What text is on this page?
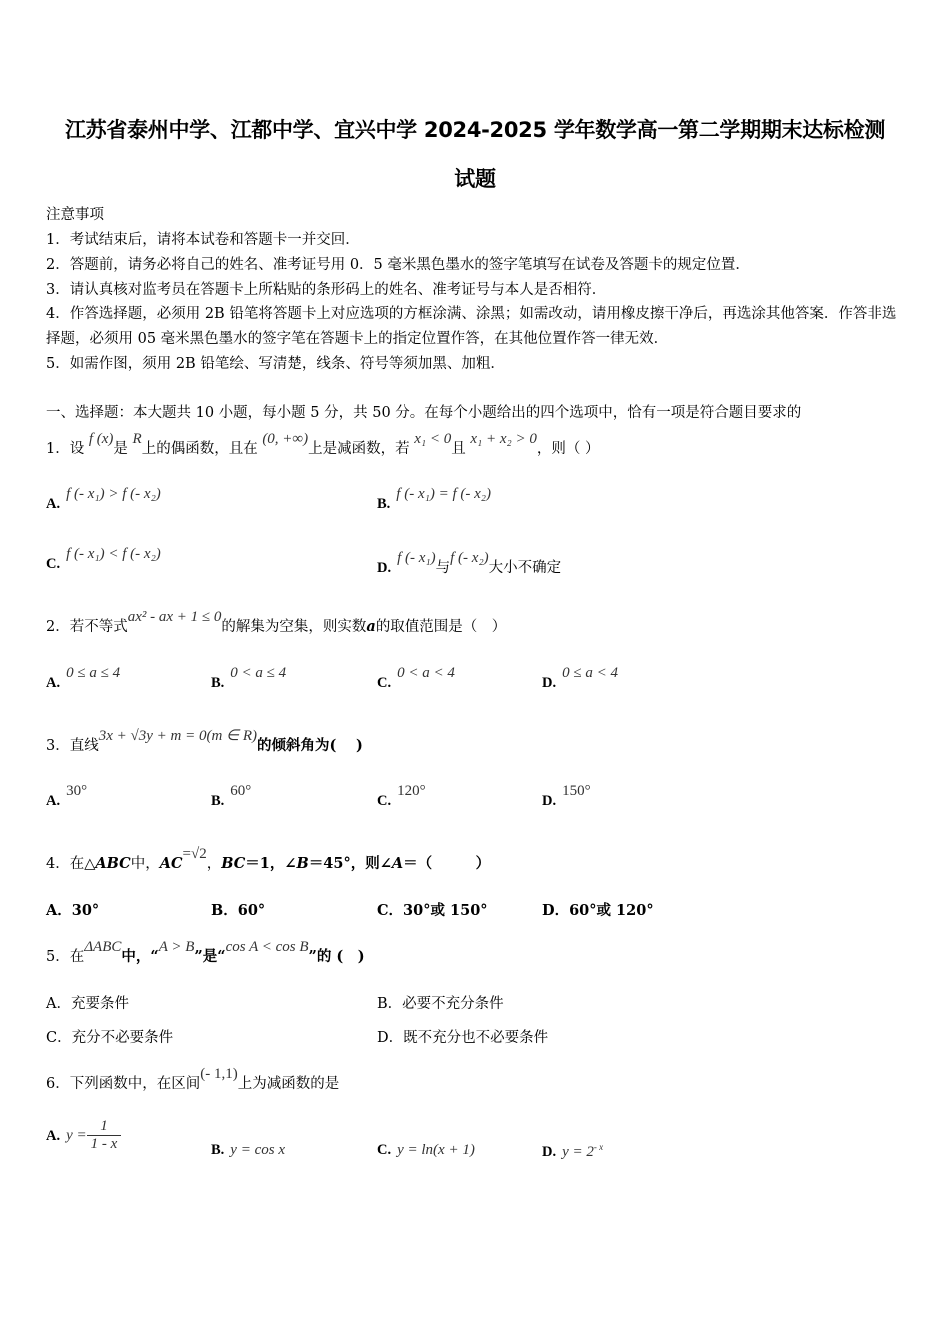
江苏省泰州中学、江都中学、宜兴中学 2024-2025 学年数学高一第二学期期末达标检测
试题
注意事项
1．考试结束后，请将本试卷和答题卡一并交回．
2．答题前，请务必将自己的姓名、准考证号用 0．5 毫米黑色墨水的签字笔填写在试卷及答题卡的规定位置．
3．请认真核对监考员在答题卡上所粘贴的条形码上的姓名、准考证号与本人是否相符．
4．作答选择题，必须用 2B 铅笔将答题卡上对应选项的方框涂满、涂黑；如需改动，请用橡皮擦干净后，再选涂其他答案．作答非选择题，必须用 05 毫米黑色墨水的签字笔在答题卡上的指定位置作答，在其他位置作答一律无效．
5．如需作图，须用 2B 铅笔绘、写清楚，线条、符号等须加黑、加粗．
一、选择题：本大题共 10 小题，每小题 5 分，共 50 分。在每个小题给出的四个选项中，恰有一项是符合题目要求的
1．设 f (x)是 R上的偶函数，且在 (0, +∞)上是减函数，若 x₁ < 0且 x₁ + x₂ > 0，则（ ）
A.f (- x₁) > f (- x₂)
B.f (- x₁) = f (- x₂)
C.f (- x₁) < f (- x₂)
D.f (- x₁)与f (- x₂)大小不确定
2．若不等式ax² - ax + 1 ≤ 0的解集为空集，则实数a的取值范围是（　）
A.0 ≤ a ≤ 4
B.0 < a ≤ 4
C.0 < a < 4
D.0 ≤ a < 4
3．直线3x + √3y + m = 0(m ∈ R)的倾斜角为(　 )
A.30°
B.60°
C.120°
D.150°
4．在△ABC中，AC=√2，BC＝1，∠B＝45°，则∠A＝（　　　）
A．30°	B．60°	C．30°或 150°	D．60°或 120°
5．在ΔABC中，“A > B”是“cos A < cos B”的 (　)
A．充要条件	B．必要不充分条件
C．充分不必要条件	D．既不充分也不必要条件
6．下列函数中，在区间(- 1,1)上为减函数的是
A. $y = \frac{1}{1 - x}$	B. y = cos x	C. y = ln(x + 1)	D. $y = 2^{- x}$
